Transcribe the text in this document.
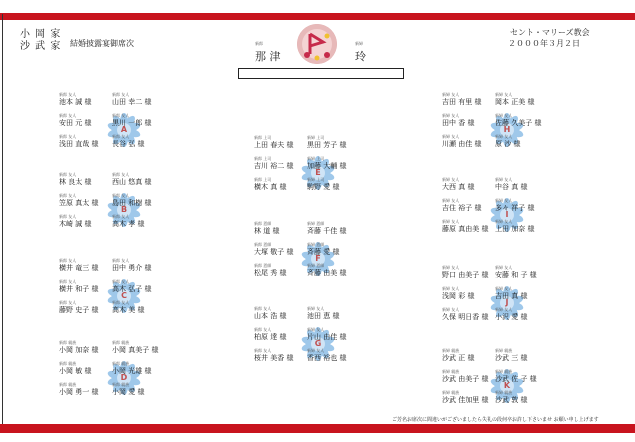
小 岡 家
沙 武 家 結婚披露宴御席次
セント・マリーズ教会
２０００年３月２日
新郎
那 津
新婦
玲
A
新郎 友人
池本 誠 様
新郎 友人
山田 幸二 様
新郎 友人
安田 元 様
新郎 友人
黒川 一郎 様
新郎 友人
浅田 直哉 様
新郎 友人
長谷 弘 様
B
新郎 友人
林 良太 様
新郎 友人
西山 悠真 様
新郎 友人
笠原 真太 様
新郎 友人
島田 和樹 様
新郎 友人
木崎 誠 様
新郎 友人
高木 孝 様
C
新郎 友人
横井 竜三 様
新郎 友人
田中 勇介 様
新郎 友人
横井 和子 様
新郎 友人
高木 弘子 様
新郎 友人
藤野 史子 様
新郎 友人
高木 美 様
D
新郎 親族
小岡 加奈 様
新郎 親族
小岡 真美子 様
新郎 親族
小岡 敏 様
新郎 親族
小岡 光雄 様
新郎 親族
小岡 勇一 様
新郎 親族
小岡 愛 様
E
新郎 上司
上田 春夫 様
新婦 上司
黒田 芳子 様
新郎 上司
吉川 裕二 様
新婦 上司
加藤 大輔 様
新郎 上司
横木 真 様
新婦 上司
駒野 愛 様
F
新郎 恩師
林 道 様
新婦 恩師
斉藤 千佳 様
新郎 恩師
大塚 敬子 様
新婦 恩師
斉藤 愛 様
新郎 恩師
松尾 秀 様
新婦 恩師
斉藤 由美 様
G
新郎 友人
山本 浩 様
新婦 友人
池田 恵 様
新郎 友人
柏原 達 様
新婦 友人
片山 由佳 様
新郎 友人
桜井 美香 様
新婦 友人
香西 裕也 様
H
新婦 友人
吉田 有里 様
新婦 友人
岡本 正美 様
新婦 友人
田中 香 様
新婦 友人
佐藤 久美子 様
新婦 友人
川瀬 由佳 様
新婦 友人
原 沙 様
I
新婦 友人
大西 真 様
新婦 友人
中谷 真 様
新婦 友人
吉住 裕子 様
新婦 友人
多々 祥子 様
新婦 友人
藤原 真由美 様
新婦 友人
上田 加奈 様
J
新婦 友人
野口 由美子 様
新婦 友人
安藤 和 子 様
新婦 友人
浅岡 彩 様
新婦 友人
吉田 真 様
新婦 友人
久保 明日香 様
新婦 友人
小沢 愛 様
K
新婦 親族
沙武 正 様
新婦 親族
沙武 三 様
新婦 親族
沙武 由美子 様
新婦 親族
沙武 佐 子 様
新婦 親族
沙武 佳加里 様
新婦 親族
沙武 敦 様
ご芳名お席次に間違いがございましたら失礼の段何卒お許し下さいませ お願い申し上げます
